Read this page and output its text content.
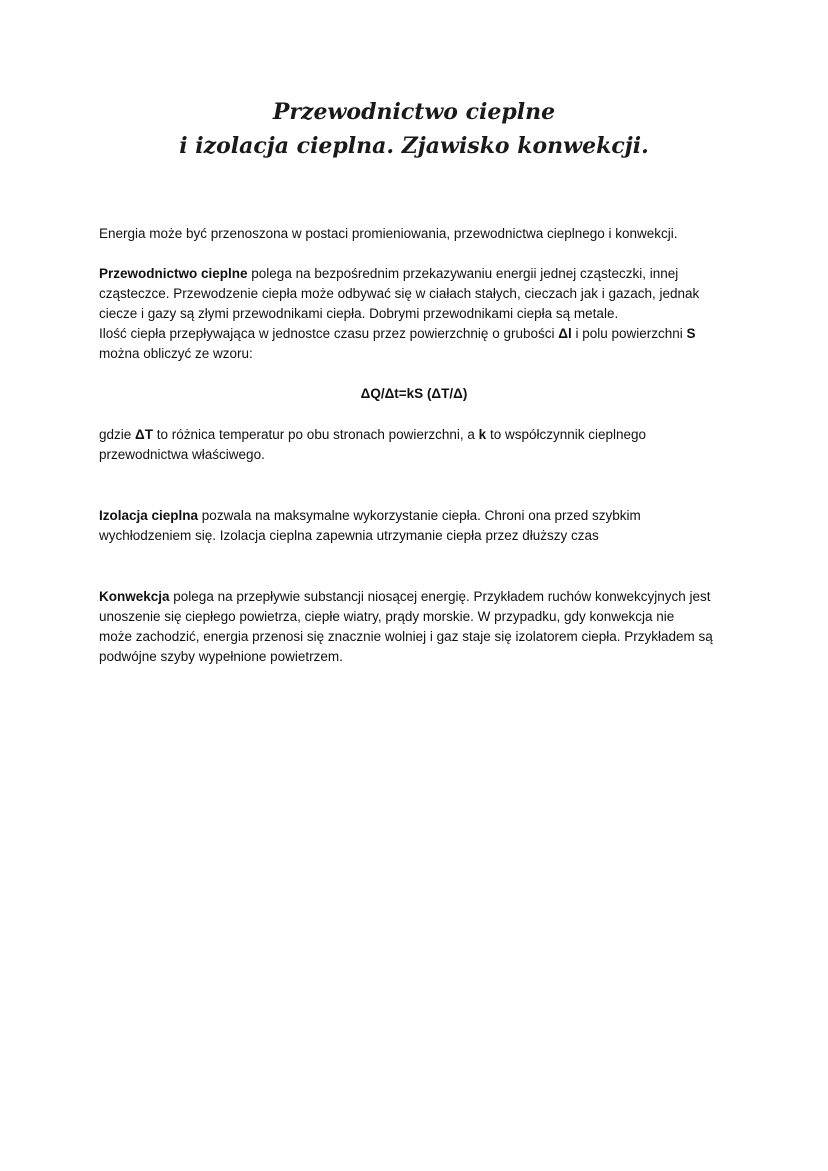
Przewodnictwo cieplne
i izolacja cieplna. Zjawisko konwekcji.

Energia może być przenoszona w postaci promieniowania, przewodnictwa cieplnego i konwekcji.

Przewodnictwo cieplne polega na bezpośrednim przekazywaniu energii jednej cząsteczki, innej

cząsteczce. Przewodzenie ciepła może odbywać się w ciałach stałych, cieczach jak i gazach, jednak

ciecze i gazy są złymi przewodnikami ciepła. Dobrymi przewodnikami ciepła są metale.

Ilość ciepła przepływająca w jednostce czasu przez powierzchnię o grubości Δl i polu powierzchni S

można obliczyć ze wzoru:

ΔQ/Δt=kS (ΔT/Δ)

gdzie ΔT to różnica temperatur po obu stronach powierzchni, a k to współczynnik cieplnego

przewodnictwa właściwego.

Izolacja cieplna pozwala na maksymalne wykorzystanie ciepła. Chroni ona przed szybkim

wychłodzeniem się. Izolacja cieplna zapewnia utrzymanie ciepła przez dłuższy czas

Konwekcja polega na przepływie substancji niosącej energię. Przykładem ruchów konwekcyjnych jest

unoszenie się ciepłego powietrza, ciepłe wiatry, prądy morskie. W przypadku, gdy konwekcja nie

może zachodzić, energia przenosi się znacznie wolniej i gaz staje się izolatorem ciepła. Przykładem są

podwójne szyby wypełnione powietrzem.
